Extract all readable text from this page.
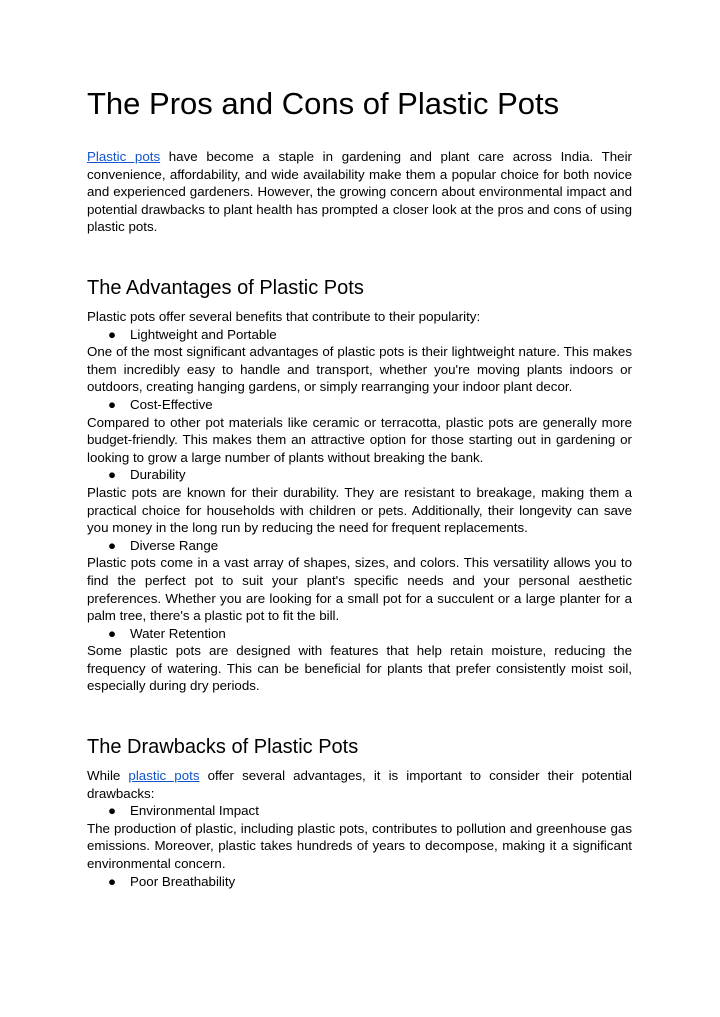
The Pros and Cons of Plastic Pots

Plastic pots have become a staple in gardening and plant care across India. Their convenience, affordability, and wide availability make them a popular choice for both novice and experienced gardeners. However, the growing concern about environmental impact and potential drawbacks to plant health has prompted a closer look at the pros and cons of using plastic pots.

The Advantages of Plastic Pots

Plastic pots offer several benefits that contribute to their popularity:

● Lightweight and Portable

One of the most significant advantages of plastic pots is their lightweight nature. This makes them incredibly easy to handle and transport, whether you're moving plants indoors or outdoors, creating hanging gardens, or simply rearranging your indoor plant decor.

● Cost-Effective

Compared to other pot materials like ceramic or terracotta, plastic pots are generally more budget-friendly. This makes them an attractive option for those starting out in gardening or looking to grow a large number of plants without breaking the bank.

● Durability

Plastic pots are known for their durability. They are resistant to breakage, making them a practical choice for households with children or pets. Additionally, their longevity can save you money in the long run by reducing the need for frequent replacements.

● Diverse Range

Plastic pots come in a vast array of shapes, sizes, and colors. This versatility allows you to find the perfect pot to suit your plant's specific needs and your personal aesthetic preferences. Whether you are looking for a small pot for a succulent or a large planter for a palm tree, there's a plastic pot to fit the bill.

● Water Retention

Some plastic pots are designed with features that help retain moisture, reducing the frequency of watering. This can be beneficial for plants that prefer consistently moist soil, especially during dry periods.

The Drawbacks of Plastic Pots

While plastic pots offer several advantages, it is important to consider their potential drawbacks:

● Environmental Impact

The production of plastic, including plastic pots, contributes to pollution and greenhouse gas emissions. Moreover, plastic takes hundreds of years to decompose, making it a significant environmental concern.

● Poor Breathability
